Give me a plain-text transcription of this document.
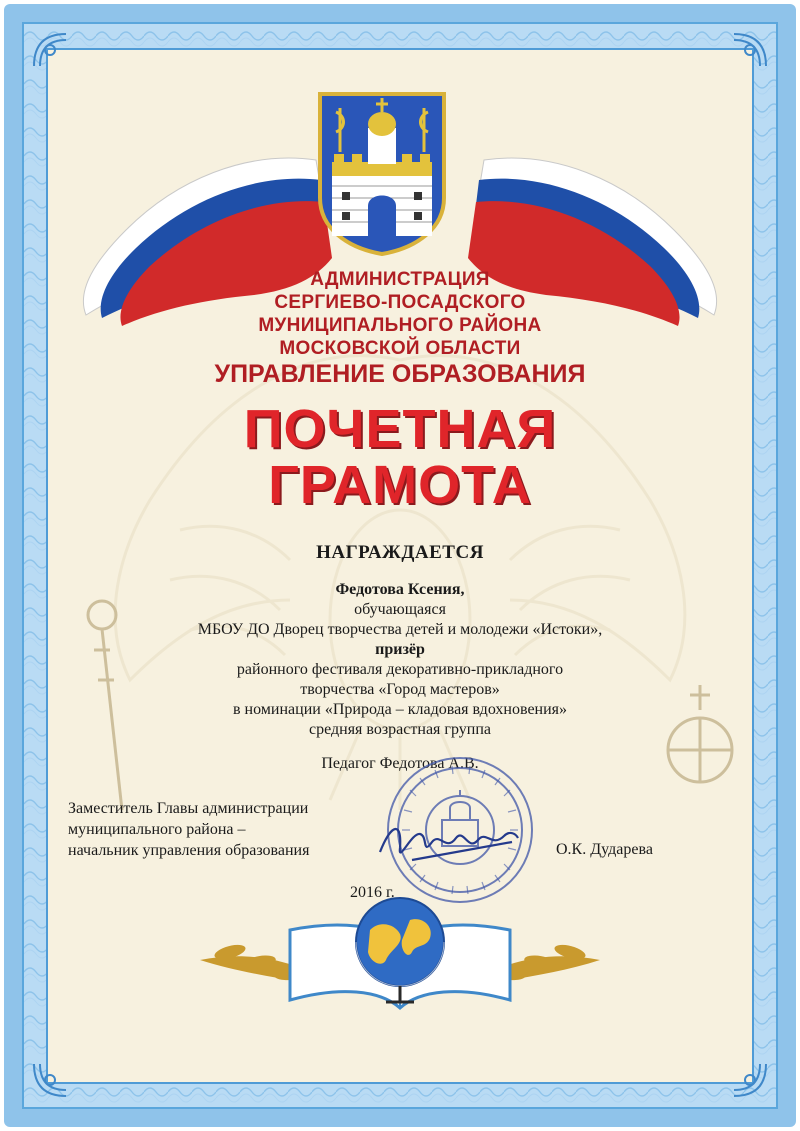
АДМИНИСТРАЦИЯ
СЕРГИЕВО-ПОСАДСКОГО
МУНИЦИПАЛЬНОГО РАЙОНА
МОСКОВСКОЙ ОБЛАСТИ
УПРАВЛЕНИЕ ОБРАЗОВАНИЯ
ПОЧЕТНАЯ
ГРАМОТА
НАГРАЖДАЕТСЯ
Федотова Ксения,
обучающаяся
МБОУ ДО Дворец творчества детей и молодежи «Истоки»,
призёр
районного фестиваля декоративно-прикладного
творчества «Город мастеров»
в номинации «Природа – кладовая вдохновения»
средняя возрастная группа
Педагог Федотова А.В.
Заместитель Главы администрации
муниципального района –
начальник управления образования	О.К. Дударева
2016 г.
